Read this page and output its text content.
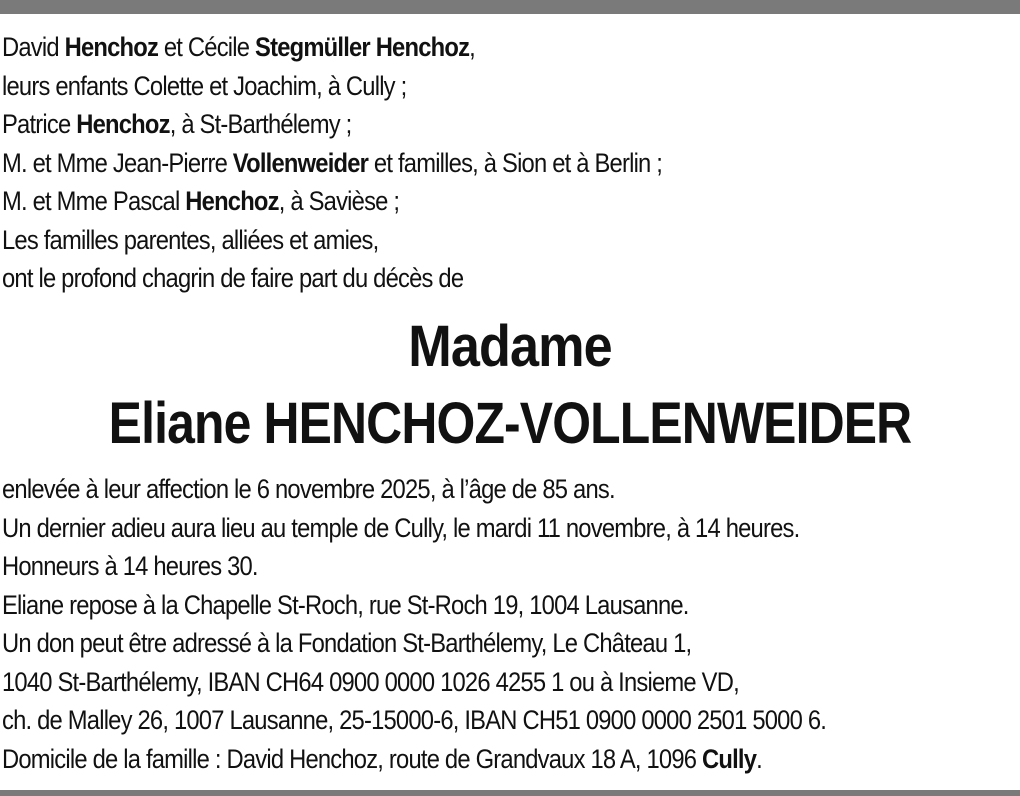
David Henchoz et Cécile Stegmüller Henchoz,
leurs enfants Colette et Joachim, à Cully ;
Patrice Henchoz, à St-Barthélemy ;
M. et Mme Jean-Pierre Vollenweider et familles, à Sion et à Berlin ;
M. et Mme Pascal Henchoz, à Savièse ;
Les familles parentes, alliées et amies,
ont le profond chagrin de faire part du décès de
Madame
Eliane HENCHOZ-VOLLENWEIDER
enlevée à leur affection le 6 novembre 2025, à l’âge de 85 ans.
Un dernier adieu aura lieu au temple de Cully, le mardi 11 novembre, à 14 heures.
Honneurs à 14 heures 30.
Eliane repose à la Chapelle St-Roch, rue St-Roch 19, 1004 Lausanne.
Un don peut être adressé à la Fondation St-Barthélemy, Le Château 1,
1040 St-Barthélemy, IBAN CH64 0900 0000 1026 4255 1 ou à Insieme VD,
ch. de Malley 26, 1007 Lausanne, 25-15000-6, IBAN CH51 0900 0000 2501 5000 6.
Domicile de la famille : David Henchoz, route de Grandvaux 18 A, 1096 Cully.
